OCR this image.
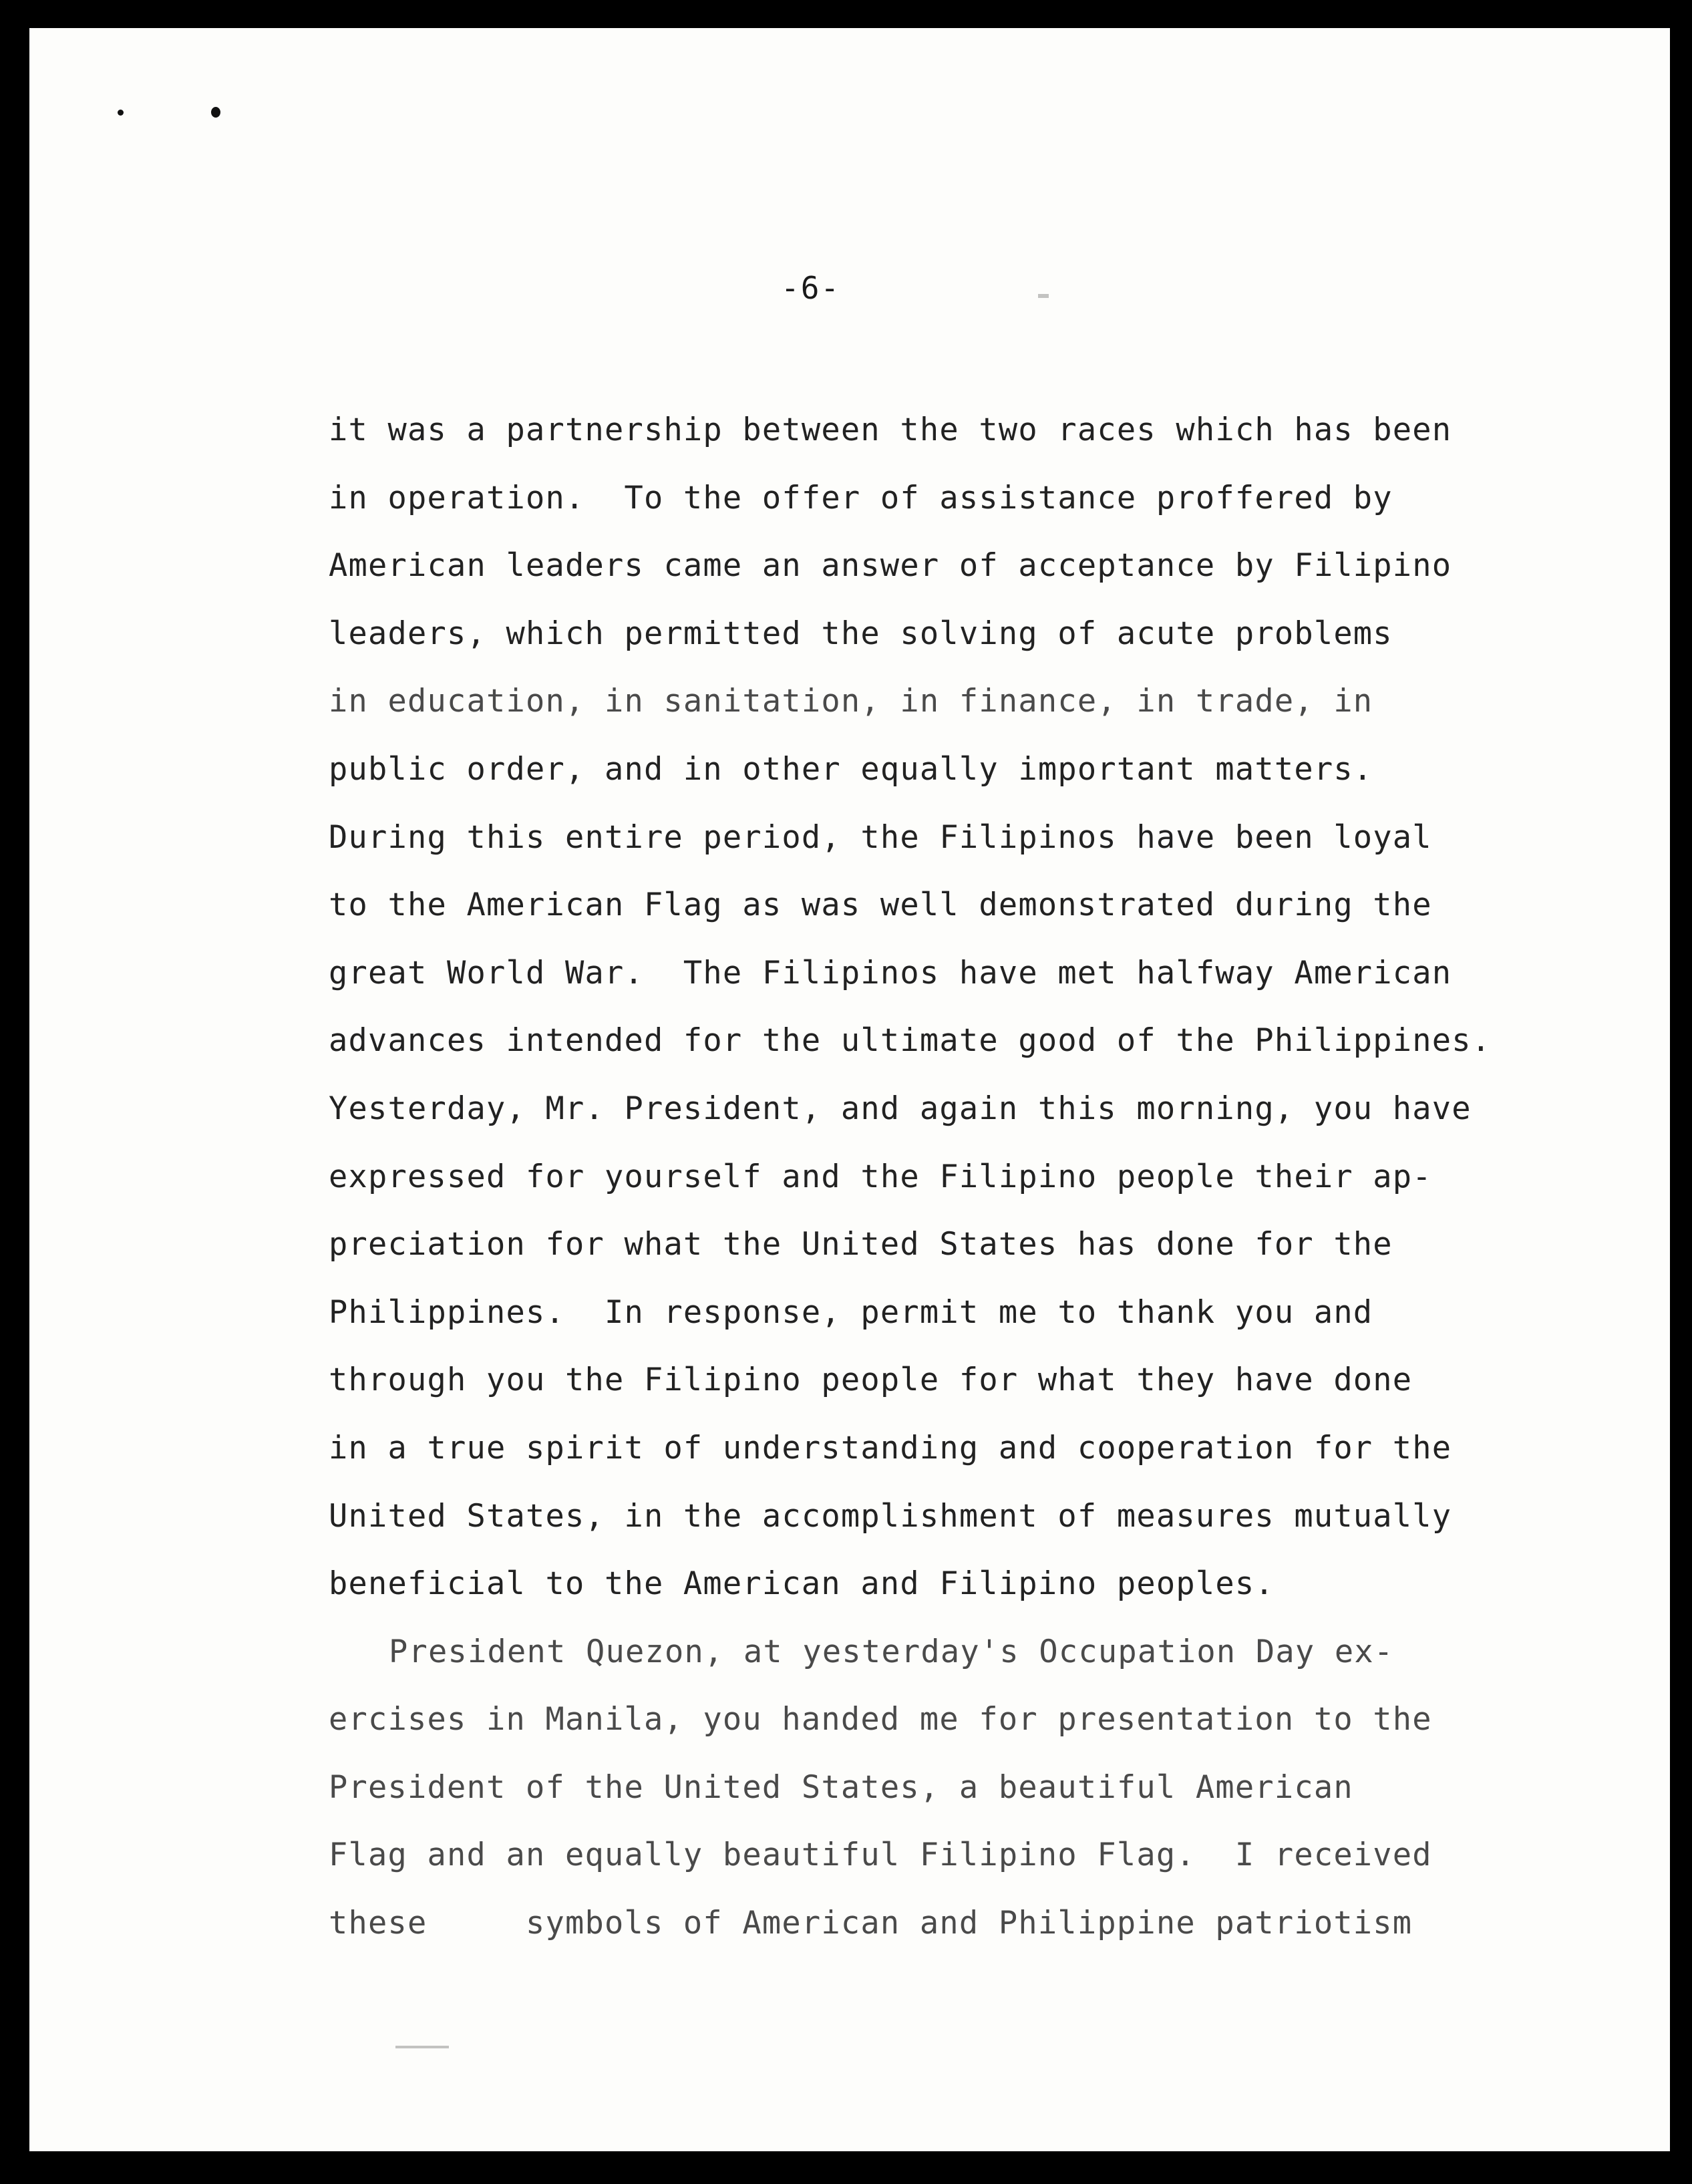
-6-
it was a partnership between the two races which has been
in operation.  To the offer of assistance proffered by
American leaders came an answer of acceptance by Filipino
leaders, which permitted the solving of acute problems
in education, in sanitation, in finance, in trade, in
public order, and in other equally important matters.
During this entire period, the Filipinos have been loyal
to the American Flag as was well demonstrated during the
great World War.  The Filipinos have met halfway American
advances intended for the ultimate good of the Philippines.
Yesterday, Mr. President, and again this morning, you have
expressed for yourself and the Filipino people their ap-
preciation for what the United States has done for the
Philippines.  In response, permit me to thank you and
through you the Filipino people for what they have done
in a true spirit of understanding and cooperation for the
United States, in the accomplishment of measures mutually
beneficial to the American and Filipino peoples.
President Quezon, at yesterday's Occupation Day ex-
ercises in Manila, you handed me for presentation to the
President of the United States, a beautiful American
Flag and an equally beautiful Filipino Flag.  I received
these     symbols of American and Philippine patriotism
